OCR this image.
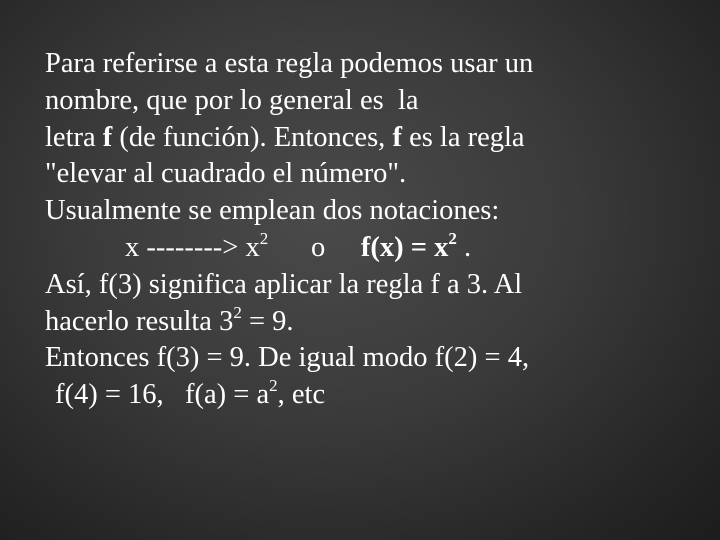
Para referirse a esta regla podemos usar un
nombre, que por lo general es  la
letra f (de función). Entonces, f es la regla
"elevar al cuadrado el número".
Usualmente se emplean dos notaciones:
x --------> $x^2$      o     $f(x) = x^2$ .
Así, f(3) significa aplicar la regla f a 3. Al
hacerlo resulta $3^2 = 9$.
Entonces f(3) = 9. De igual modo f(2) = 4,
f(4) = 16,   $f(a) = a^2$, etc
